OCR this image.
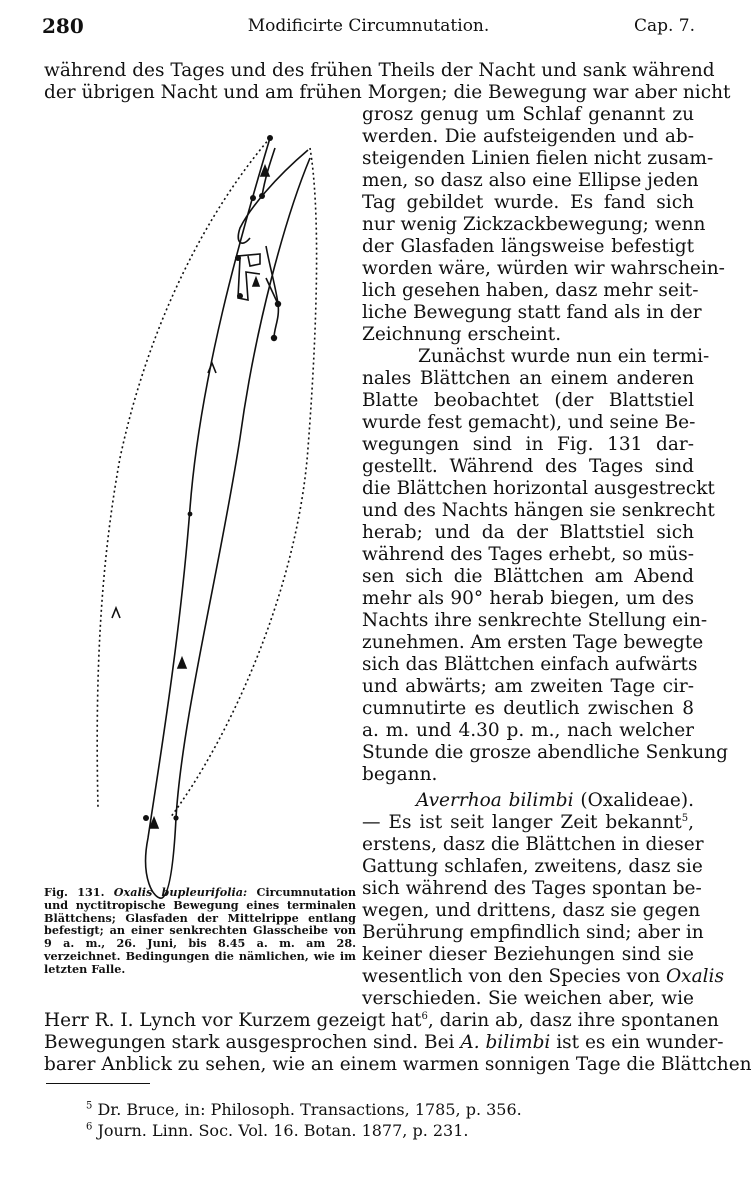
280	Modificirte Circumnutation.	Cap. 7.
während des Tages und des frühen Theils der Nacht und sank während
der übrigen Nacht und am frühen Morgen; die Bewegung war aber nicht
grosz genug um Schlaf genannt zu
werden. Die aufsteigenden und ab-
steigenden Linien fielen nicht zusam-
men, so dasz also eine Ellipse jeden
Tag gebildet wurde. Es fand sich
nur wenig Zickzackbewegung; wenn
der Glasfaden längsweise befestigt
worden wäre, würden wir wahrschein-
lich gesehen haben, dasz mehr seit-
liche Bewegung statt fand als in der
Zeichnung erscheint.
Zunächst wurde nun ein termi-
nales Blättchen an einem anderen
Blatte beobachtet (der Blattstiel
wurde fest gemacht), und seine Be-
wegungen sind in Fig. 131 dar-
gestellt. Während des Tages sind
die Blättchen horizontal ausgestreckt
und des Nachts hängen sie senkrecht
herab; und da der Blattstiel sich
während des Tages erhebt, so müs-
sen sich die Blättchen am Abend
mehr als 90° herab biegen, um des
Nachts ihre senkrechte Stellung ein-
zunehmen. Am ersten Tage bewegte
sich das Blättchen einfach aufwärts
und abwärts; am zweiten Tage cir-
cumnutirte es deutlich zwischen 8
a. m. und 4.30 p. m., nach welcher
Stunde die grosze abendliche Senkung
begann.
Averrhoa bilimbi (Oxalideae).
— Es ist seit langer Zeit bekannt$^5$,
erstens, dasz die Blättchen in dieser
Gattung schlafen, zweitens, dasz sie
sich während des Tages spontan be-
wegen, und drittens, dasz sie gegen
Berührung empfindlich sind; aber in
keiner dieser Beziehungen sind sie
wesentlich von den Species von Oxalis
verschieden. Sie weichen aber, wie
Herr R. I. Lynch vor Kurzem gezeigt hat$^6$, darin ab, dasz ihre spontanen
Bewegungen stark ausgesprochen sind. Bei A. bilimbi ist es ein wunder-
barer Anblick zu sehen, wie an einem warmen sonnigen Tage die Blättchen
Fig. 131. Oxalis bupleurifolia: Circumnutation und nyctitropische Bewegung eines terminalen Blättchens; Glasfaden der Mittelrippe entlang befestigt; an einer senkrechten Glasscheibe von 9 a. m., 26. Juni, bis 8.45 a. m. am 28. verzeichnet. Bedingungen die nämlichen, wie im letzten Falle.
$^5$ Dr. Bruce, in: Philosoph. Transactions, 1785, p. 356.
$^6$ Journ. Linn. Soc. Vol. 16. Botan. 1877, p. 231.
